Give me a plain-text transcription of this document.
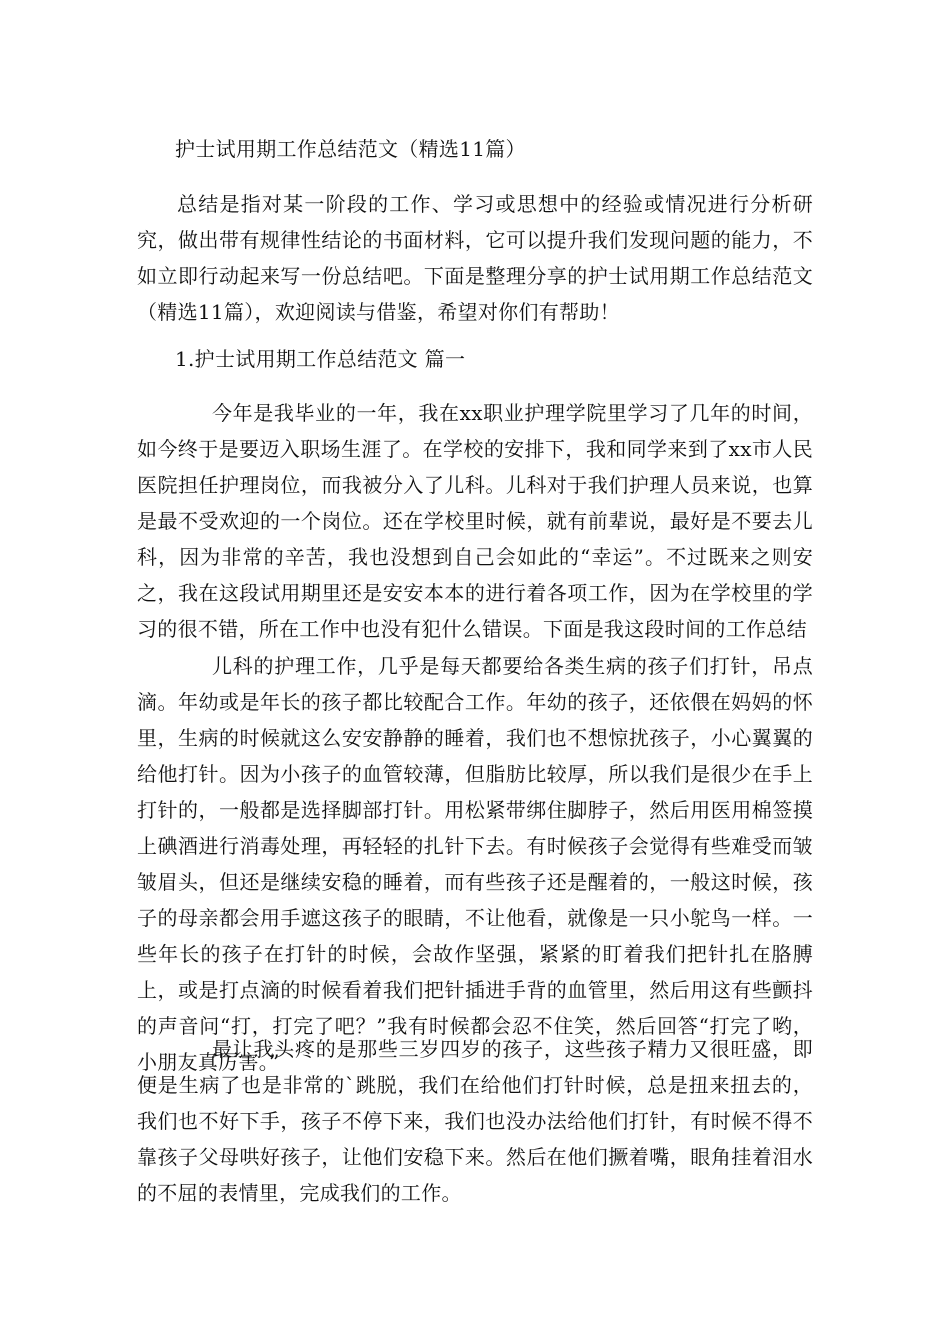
护士试用期工作总结范文（精选11篇）

总结是指对某一阶段的工作、学习或思想中的经验或情况进行分析研究，做出带有规律性结论的书面材料，它可以提升我们发现问题的能力，不如立即行动起来写一份总结吧。下面是整理分享的护士试用期工作总结范文（精选11篇），欢迎阅读与借鉴，希望对你们有帮助！

1.护士试用期工作总结范文 篇一

今年是我毕业的一年，我在xx职业护理学院里学习了几年的时间，如今终于是要迈入职场生涯了。在学校的安排下，我和同学来到了xx市人民医院担任护理岗位，而我被分入了儿科。儿科对于我们护理人员来说，也算是最不受欢迎的一个岗位。还在学校里时候，就有前辈说，最好是不要去儿科，因为非常的辛苦，我也没想到自己会如此的“幸运”。不过既来之则安之，我在这段试用期里还是安安本本的进行着各项工作，因为在学校里的学习的很不错，所在工作中也没有犯什么错误。下面是我这段时间的工作总结

儿科的护理工作，几乎是每天都要给各类生病的孩子们打针，吊点滴。年幼或是年长的孩子都比较配合工作。年幼的孩子，还依偎在妈妈的怀里，生病的时候就这么安安静静的睡着，我们也不想惊扰孩子，小心翼翼的给他打针。因为小孩子的血管较薄，但脂肪比较厚，所以我们是很少在手上打针的，一般都是选择脚部打针。用松紧带绑住脚脖子，然后用医用棉签摸上碘酒进行消毒处理，再轻轻的扎针下去。有时候孩子会觉得有些难受而皱皱眉头，但还是继续安稳的睡着，而有些孩子还是醒着的，一般这时候，孩子的母亲都会用手遮这孩子的眼睛，不让他看，就像是一只小鸵鸟一样。一些年长的孩子在打针的时候，会故作坚强，紧紧的盯着我们把针扎在胳膊上，或是打点滴的时候看着我们把针插进手背的血管里，然后用这有些颤抖的声音问“打，打完了吧？”我有时候都会忍不住笑，然后回答“打完了哟，小朋友真厉害。”

最让我头疼的是那些三岁四岁的孩子，这些孩子精力又很旺盛，即便是生病了也是非常的`跳脱，我们在给他们打针时候，总是扭来扭去的，我们也不好下手，孩子不停下来，我们也没办法给他们打针，有时候不得不靠孩子父母哄好孩子，让他们安稳下来。然后在他们撅着嘴，眼角挂着泪水的不屈的表情里，完成我们的工作。
